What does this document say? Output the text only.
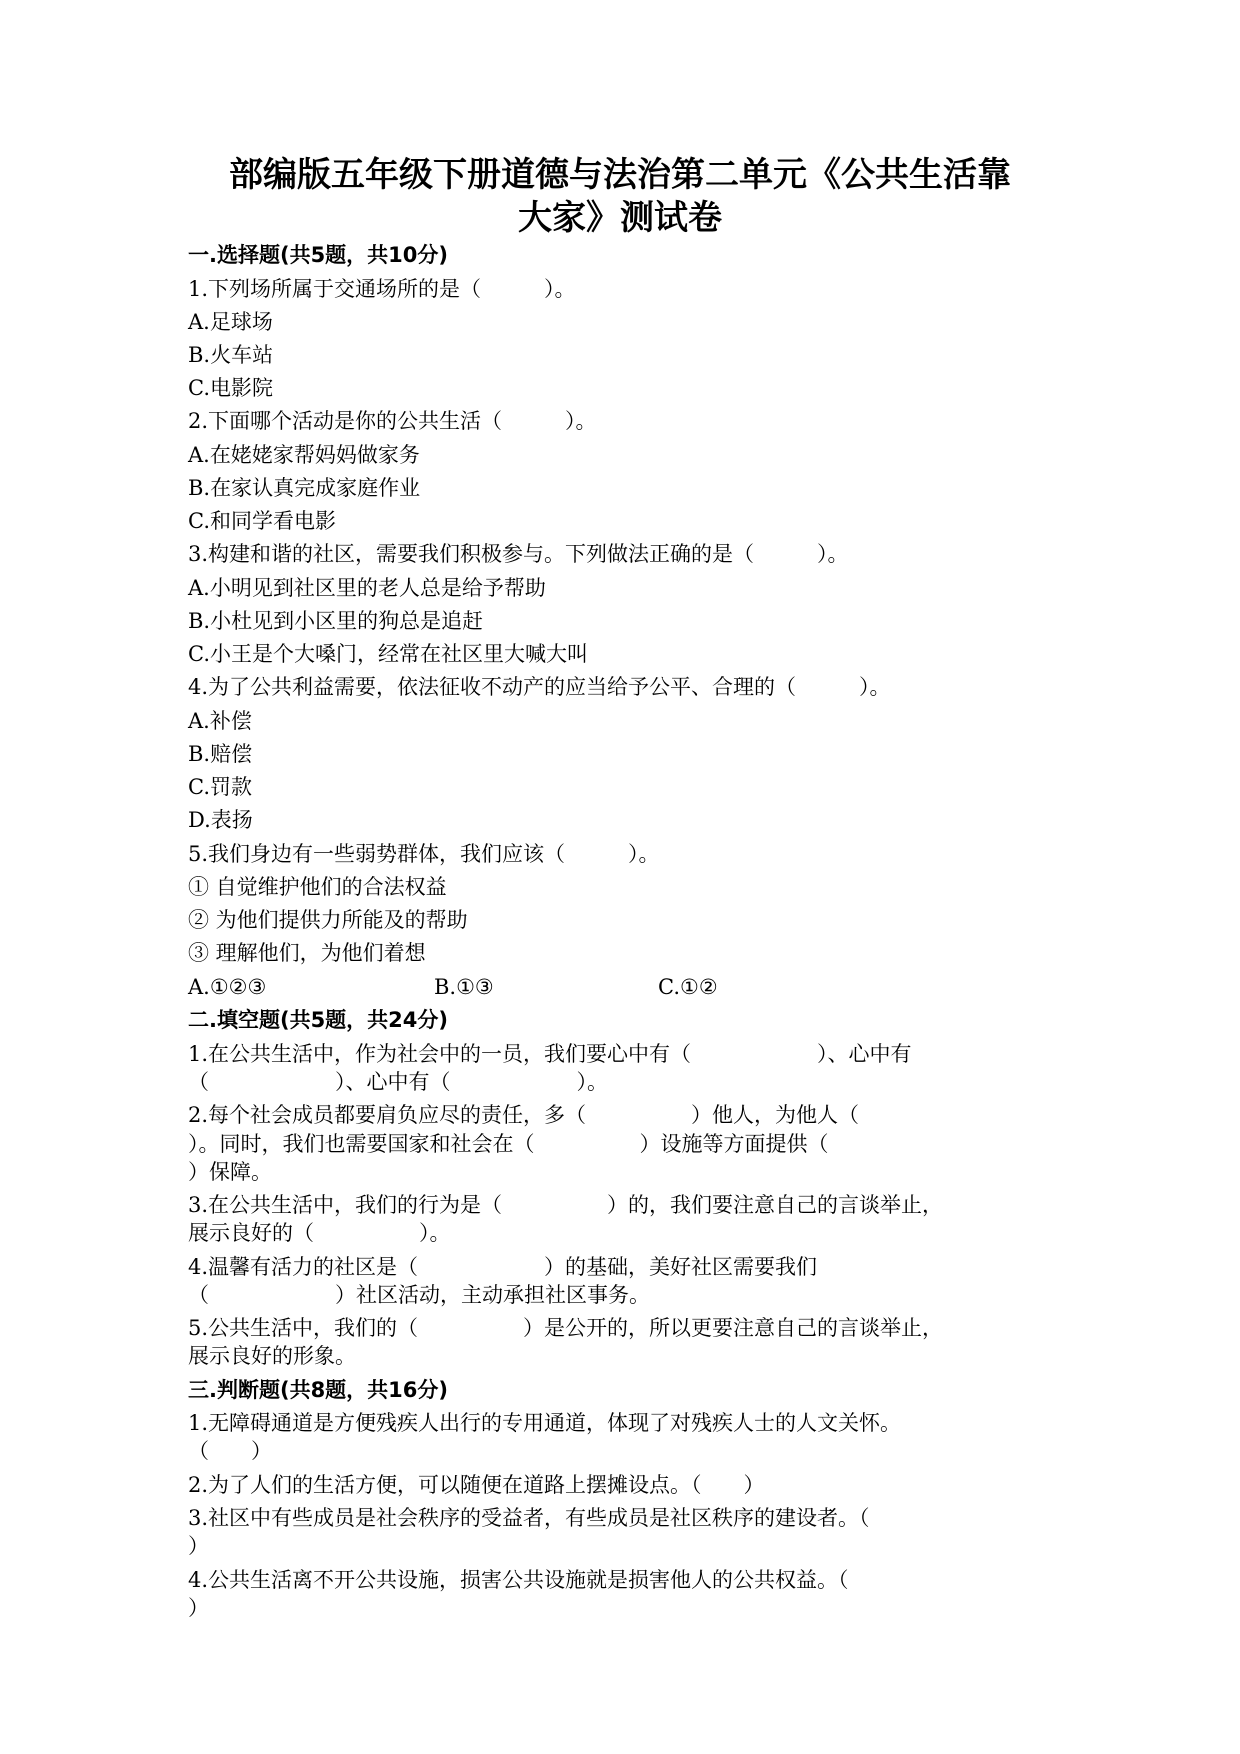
部编版五年级下册道德与法治第二单元《公共生活靠
大家》测试卷

一.选择题(共5题，共10分)

1.下列场所属于交通场所的是（　　　）。

A.足球场

B.火车站

C.电影院

2.下面哪个活动是你的公共生活（　　　）。

A.在姥姥家帮妈妈做家务

B.在家认真完成家庭作业

C.和同学看电影

3.构建和谐的社区，需要我们积极参与。下列做法正确的是（　　　）。

A.小明见到社区里的老人总是给予帮助

B.小杜见到小区里的狗总是追赶

C.小王是个大嗓门，经常在社区里大喊大叫

4.为了公共利益需要，依法征收不动产的应当给予公平、合理的（　　　）。

A.补偿

B.赔偿

C.罚款

D.表扬

5.我们身边有一些弱势群体，我们应该（　　　）。

① 自觉维护他们的合法权益

② 为他们提供力所能及的帮助

③ 理解他们，为他们着想

A.①②③	B.①③	C.①②

二.填空题(共5题，共24分)

1.在公共生活中，作为社会中的一员，我们要心中有（　　　　　　）、心中有

（　　　　　　）、心中有（　　　　　　）。

2.每个社会成员都要肩负应尽的责任，多（　　　　　）他人，为他人（

）。同时，我们也需要国家和社会在（　　　　　）设施等方面提供（

）保障。

3.在公共生活中，我们的行为是（　　　　　）的，我们要注意自己的言谈举止，

展示良好的（　　　　　）。

4.温馨有活力的社区是（　　　　　　）的基础，美好社区需要我们

（　　　　　　）社区活动，主动承担社区事务。

5.公共生活中，我们的（　　　　　）是公开的，所以更要注意自己的言谈举止，

展示良好的形象。

三.判断题(共8题，共16分)

1.无障碍通道是方便残疾人出行的专用通道，体现了对残疾人士的人文关怀。

（　　）

2.为了人们的生活方便，可以随便在道路上摆摊设点。（　　）

3.社区中有些成员是社会秩序的受益者，有些成员是社区秩序的建设者。（

）

4.公共生活离不开公共设施，损害公共设施就是损害他人的公共权益。（

）
